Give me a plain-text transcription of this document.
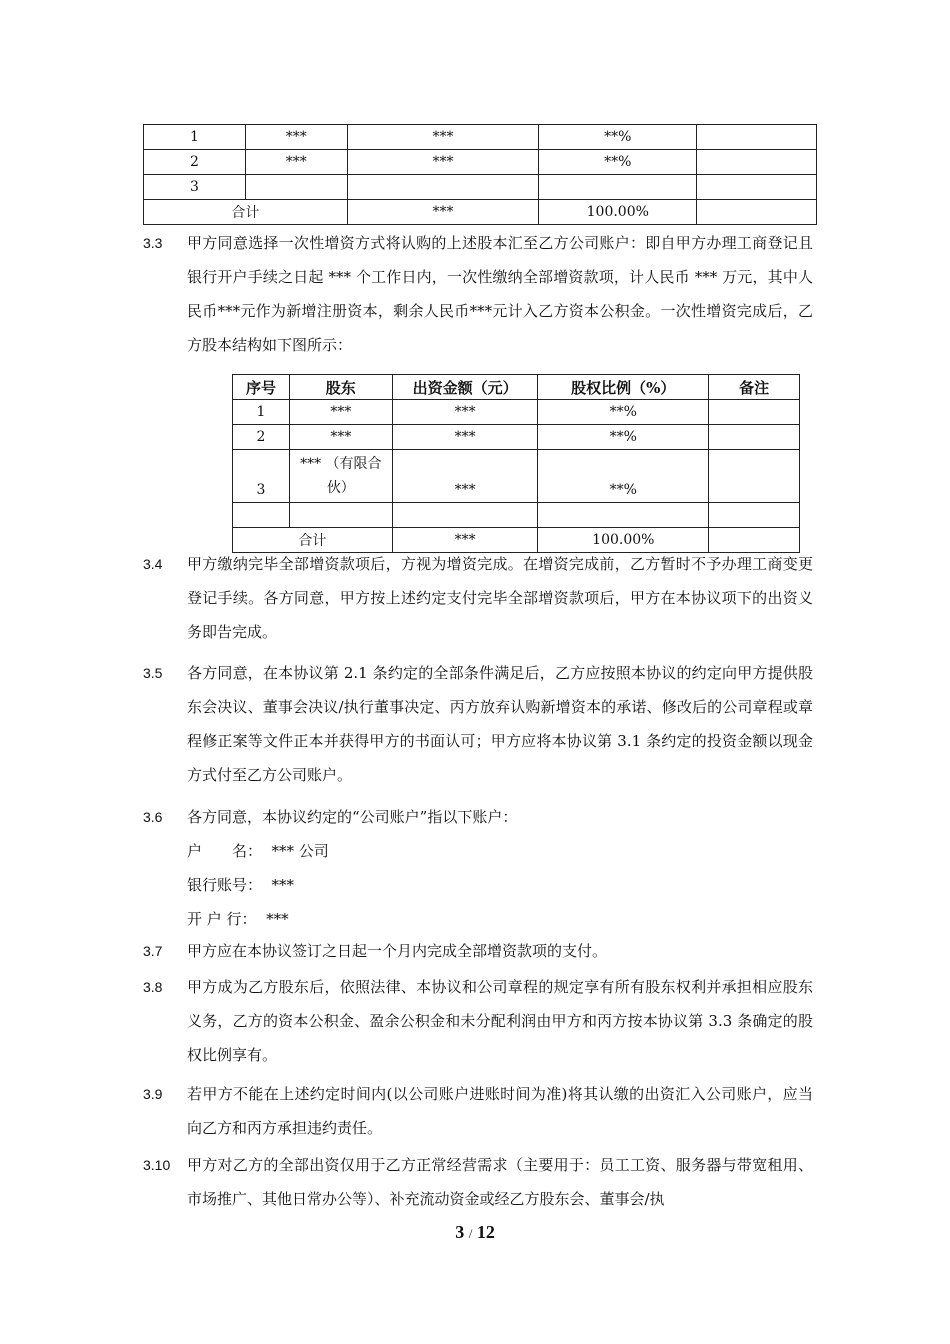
1	***	***	**%	
2	***	***	**%	
3				
合计		***	100.00%	
3.3	甲方同意选择一次性增资方式将认购的上述股本汇至乙方公司账户：即自甲方办理工商登记且银行开户手续之日起 *** 个工作日内，一次性缴纳全部增资款项，计人民币 *** 万元，其中人民币***元作为新增注册资本，剩余人民币***元计入乙方资本公积金。一次性增资完成后，乙方股本结构如下图所示：
序号	股东	出资金额（元）	股权比例（%）	备注
1	***	***	**%	
2	***	***	**%	
3	*** （有限合伙）	***	**%	

合计		***	100.00%	
3.4	甲方缴纳完毕全部增资款项后，方视为增资完成。在增资完成前，乙方暂时不予办理工商变更登记手续。各方同意，甲方按上述约定支付完毕全部增资款项后，甲方在本协议项下的出资义务即告完成。
3.5	各方同意，在本协议第 2.1 条约定的全部条件满足后，乙方应按照本协议的约定向甲方提供股东会决议、董事会决议/执行董事决定、丙方放弃认购新增资本的承诺、修改后的公司章程或章程修正案等文件正本并获得甲方的书面认可；甲方应将本协议第 3.1 条约定的投资金额以现金方式付至乙方公司账户。
3.6	各方同意，本协议约定的“公司账户”指以下账户：
户　　名：  *** 公司
银行账号：  ***
开 户 行：  ***
3.7	甲方应在本协议签订之日起一个月内完成全部增资款项的支付。
3.8	甲方成为乙方股东后，依照法律、本协议和公司章程的规定享有所有股东权利并承担相应股东义务，乙方的资本公积金、盈余公积金和未分配利润由甲方和丙方按本协议第 3.3 条确定的股权比例享有。
3.9	若甲方不能在上述约定时间内(以公司账户进账时间为准)将其认缴的出资汇入公司账户，应当向乙方和丙方承担违约责任。
3.10	甲方对乙方的全部出资仅用于乙方正常经营需求（主要用于：员工工资、服务器与带宽租用、市场推广、其他日常办公等）、补充流动资金或经乙方股东会、董事会/执
3 / 12
